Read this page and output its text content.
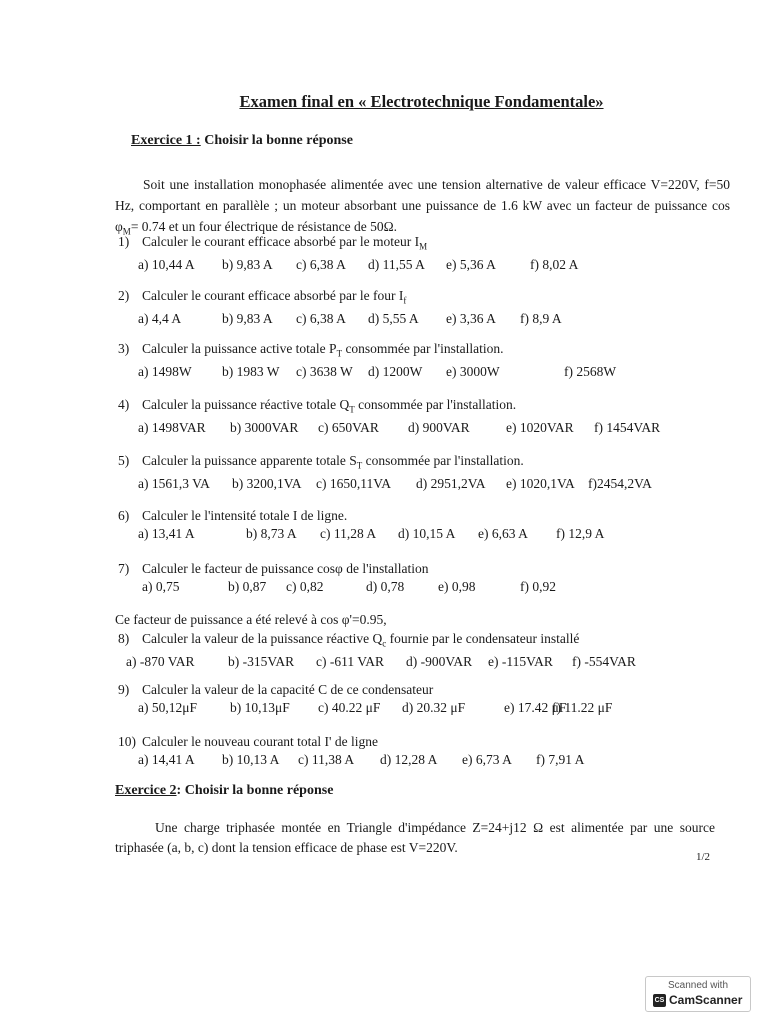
Examen final en « Electrotechnique Fondamentale»
Exercice 1 : Choisir la bonne réponse
Soit une installation monophasée alimentée avec une tension alternative de valeur efficace V=220V, f=50 Hz, comportant en parallèle ; un moteur absorbant une puissance de 1.6 kW avec un facteur de puissance $\cos \varphi_M= 0.74$ et un four électrique de résistance de 50Ω.
1) Calculer le courant efficace absorbé par le moteur $I_M$
a) 10,44 A b) 9,83 A c) 6,38 A d) 11,55 A e) 5,36 A	f) 8,02 A
2) Calculer le courant efficace absorbé par le four $I_f$
a) 4,4 A	b) 9,83 A c) 6,38 A d) 5,55 A e) 3,36 A f) 8,9 A
3) Calculer la puissance active totale $P_T$ consommée par l'installation.
a) 1498W b) 1983 W c) 3638 W d) 1200W e) 3000W	f) 2568W
4) Calculer la puissance réactive totale $Q_T$ consommée par l'installation.
a) 1498VAR b) 3000VAR c) 650VAR d) 900VAR	e) 1020VAR f) 1454VAR
5) Calculer la puissance apparente totale $S_T$ consommée par l'installation.
a) 1561,3 VA b) 3200,1VA c) 1650,11VA d) 2951,2VA e) 1020,1VA f)2454,2VA
6) Calculer le l'intensité totale I de ligne.
a) 13,41 A	b) 8,73 A c) 11,28 A d) 10,15 A e) 6,63 A f) 12,9 A
7) Calculer le facteur de puissance cosφ de l'installation
a) 0,75	b) 0,87 c) 0,82	d) 0,78	e) 0,98	f) 0,92
Ce facteur de puissance a été relevé à cos φ'=0.95,
8) Calculer la valeur de la puissance réactive $Q_c$ fournie par le condensateur installé
a) -870 VAR b) -315VAR c) -611 VAR d) -900VAR e) -115VAR f) -554VAR
9) Calculer la valeur de la capacité C de ce condensateur
a) 50,12μF b) 10,13μF c) 40.22 μF d) 20.32 μF	e) 17.42 μF
f) 11.22 μF
10) Calculer le nouveau courant total I' de ligne
a) 14,41 A b) 10,13 A c) 11,38 A d) 12,28 A e) 6,73 A f) 7,91 A
Exercice 2: Choisir la bonne réponse
Une charge triphasée montée en Triangle d'impédance Z=24+j12 Ω est alimentée par une source triphasée (a, b, c) dont la tension efficace de phase est V=220V.
1/2
Scanned with
CS CamScanner
